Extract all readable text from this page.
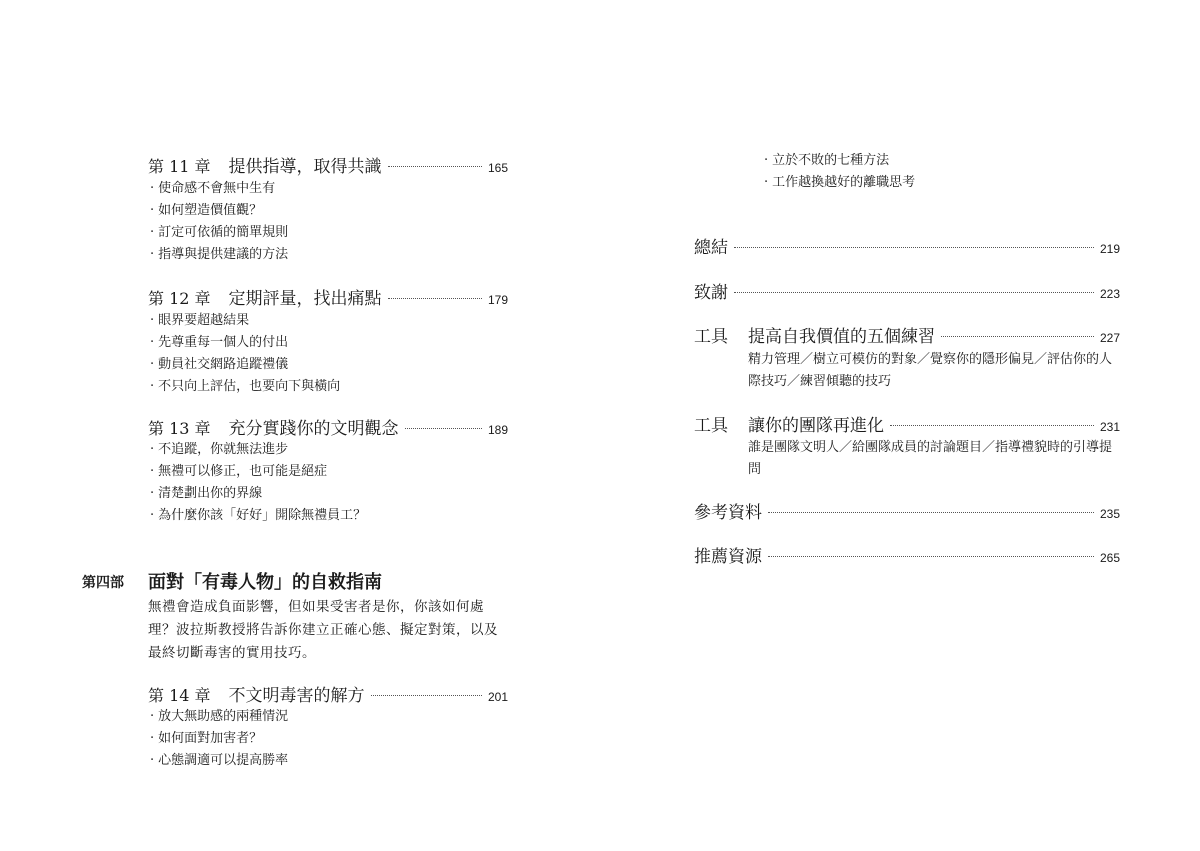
第 11 章 提供指導，取得共識	165
· 使命感不會無中生有
· 如何塑造價值觀？
· 訂定可依循的簡單規則
· 指導與提供建議的方法
第 12 章 定期評量，找出痛點	179
· 眼界要超越結果
· 先尊重每一個人的付出
· 動員社交網路追蹤禮儀
· 不只向上評估，也要向下與橫向
第 13 章 充分實踐你的文明觀念	189
· 不追蹤，你就無法進步
· 無禮可以修正，也可能是絕症
· 清楚劃出你的界線
· 為什麼你該「好好」開除無禮員工？
第四部 面對「有毒人物」的自救指南
無禮會造成負面影響，但如果受害者是你，你該如何處理？波拉斯教授將告訴你建立正確心態、擬定對策，以及最終切斷毒害的實用技巧。
第 14 章 不文明毒害的解方	201
· 放大無助感的兩種情況
· 如何面對加害者？
· 心態調適可以提高勝率
· 立於不敗的七種方法
· 工作越換越好的離職思考
總結	219
致謝	223
工具 提高自我價值的五個練習	227
精力管理／樹立可模仿的對象／覺察你的隱形偏見／評估你的人際技巧／練習傾聽的技巧
工具 讓你的團隊再進化	231
誰是團隊文明人／給團隊成員的討論題目／指導禮貌時的引導提問
參考資料	235
推薦資源	265
